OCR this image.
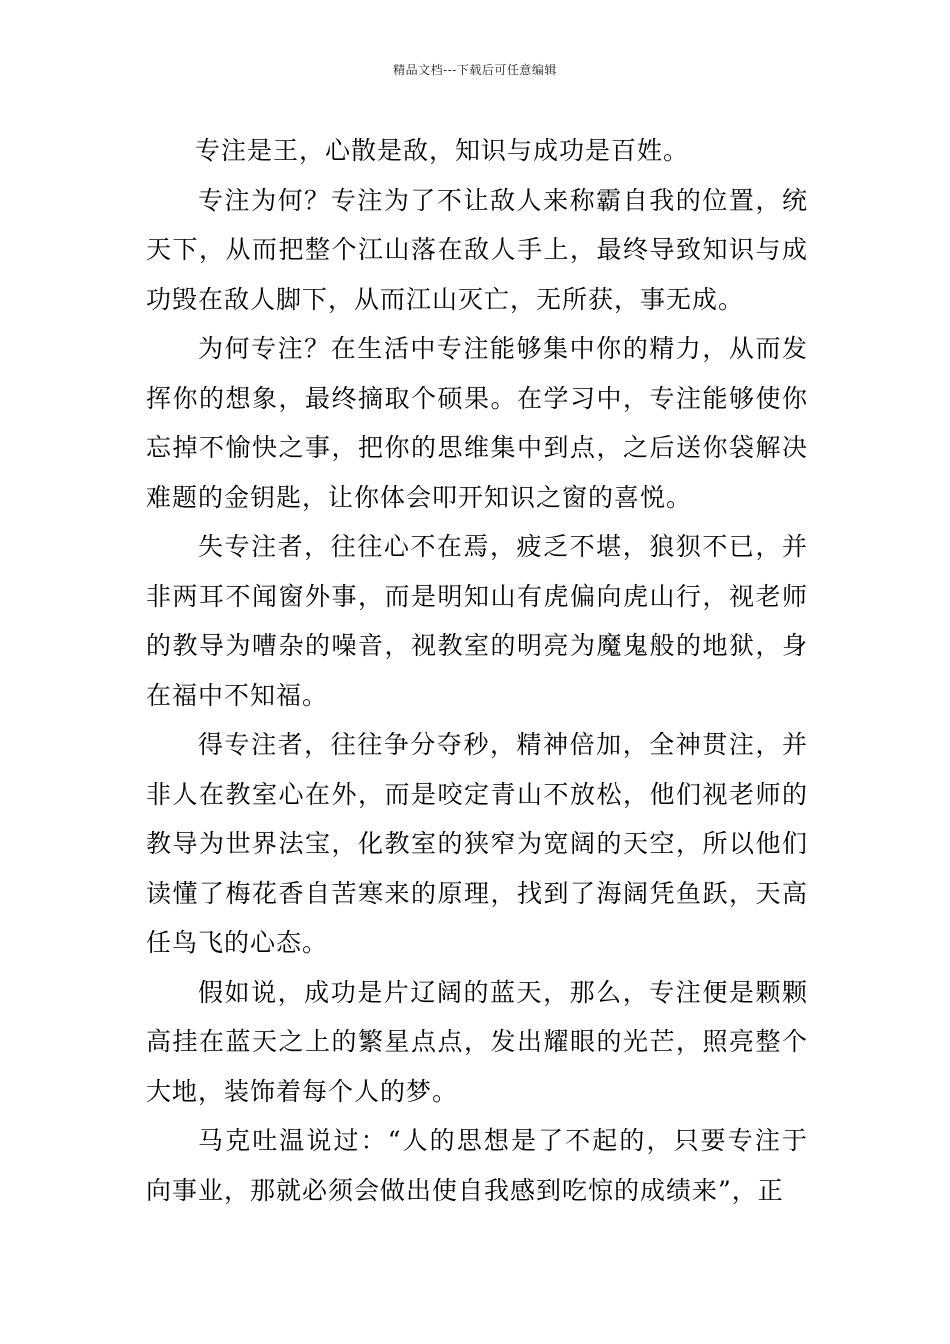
精品文档---下载后可任意编辑

专注是王，心散是敌，知识与成功是百姓。

专注为何？专注为了不让敌人来称霸自我的位置，统天下，从而把整个江山落在敌人手上，最终导致知识与成功毁在敌人脚下，从而江山灭亡，无所获，事无成。

为何专注？在生活中专注能够集中你的精力，从而发挥你的想象，最终摘取个硕果。在学习中，专注能够使你忘掉不愉快之事，把你的思维集中到点，之后送你袋解决难题的金钥匙，让你体会叩开知识之窗的喜悦。

失专注者，往往心不在焉，疲乏不堪，狼狈不已，并非两耳不闻窗外事，而是明知山有虎偏向虎山行，视老师的教导为嘈杂的噪音，视教室的明亮为魔鬼般的地狱，身在福中不知福。

得专注者，往往争分夺秒，精神倍加，全神贯注，并非人在教室心在外，而是咬定青山不放松，他们视老师的教导为世界法宝，化教室的狭窄为宽阔的天空，所以他们读懂了梅花香自苦寒来的原理，找到了海阔凭鱼跃，天高任鸟飞的心态。

假如说，成功是片辽阔的蓝天，那么，专注便是颗颗高挂在蓝天之上的繁星点点，发出耀眼的光芒，照亮整个大地，装饰着每个人的梦。

马克吐温说过：“人的思想是了不起的，只要专注于向事业，那就必须会做出使自我感到吃惊的成绩来”，正
